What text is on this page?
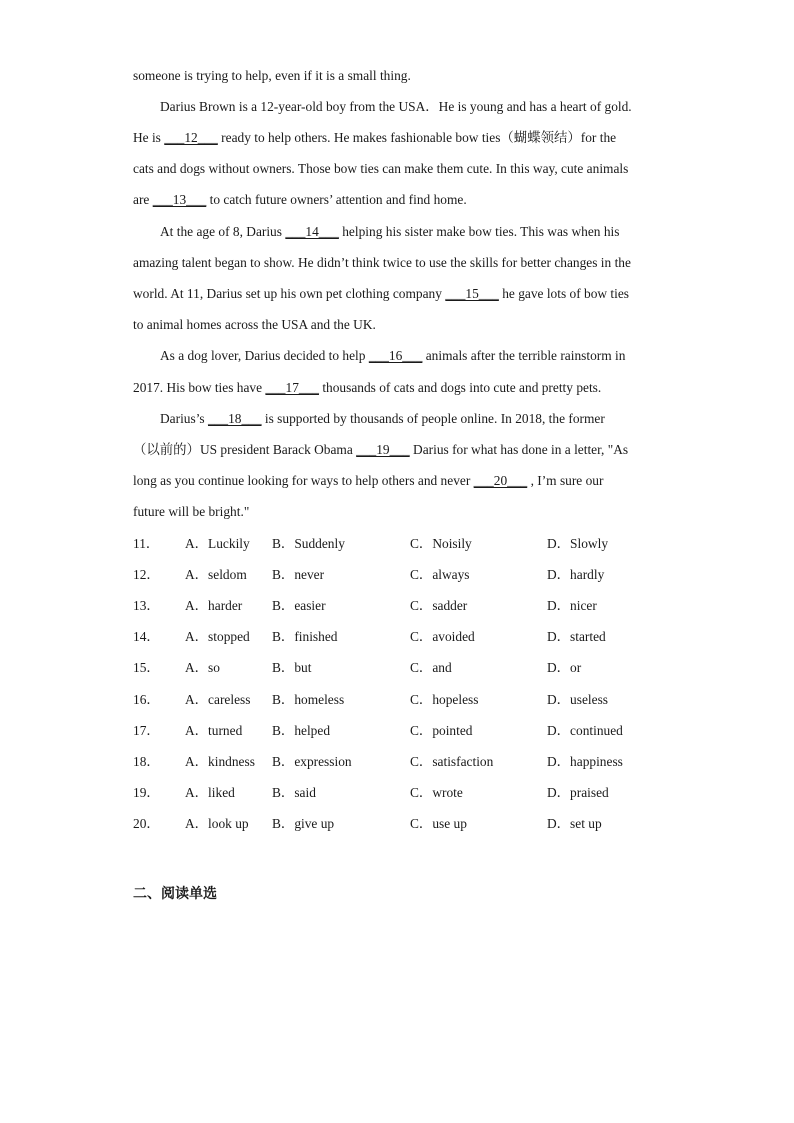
someone is trying to help, even if it is a small thing.
Darius Brown is a 12-year-old boy from the USA．He is young and has a heart of gold.
He is ___12___ ready to help others. He makes fashionable bow ties（蝴蝶领结）for the
cats and dogs without owners. Those bow ties can make them cute. In this way, cute animals
are ___13___ to catch future owners’ attention and find home.
At the age of 8, Darius ___14___ helping his sister make bow ties. This was when his
amazing talent began to show. He didn’t think twice to use the skills for better changes in the
world. At 11, Darius set up his own pet clothing company ___15___ he gave lots of bow ties
to animal homes across the USA and the UK.
As a dog lover, Darius decided to help ___16___ animals after the terrible rainstorm in
2017. His bow ties have ___17___ thousands of cats and dogs into cute and pretty pets.
Darius’s ___18___ is supported by thousands of people online. In 2018, the former
（以前的）US president Barack Obama ___19___ Darius for what has done in a letter, "As
long as you continue looking for ways to help others and never ___20___ , I’m sure our
future will be bright."
11． A．Luckily B．Suddenly	C．Noisily	D．Slowly
12． A．seldom B．never	C．always	D．hardly
13． A．harder B．easier	C．sadder	D．nicer
14． A．stopped B．finished	C．avoided	D．started
15． A．so	B．but	C．and	D．or
16． A．careless B．homeless	C．hopeless	D．useless
17． A．turned B．helped	C．pointed	D．continued
18． A．kindness B．expression	C．satisfaction	D．happiness
19． A．liked	B．said	C．wrote	D．praised
20． A．look up B．give up	C．use up	D．set up
二、阅读单选
